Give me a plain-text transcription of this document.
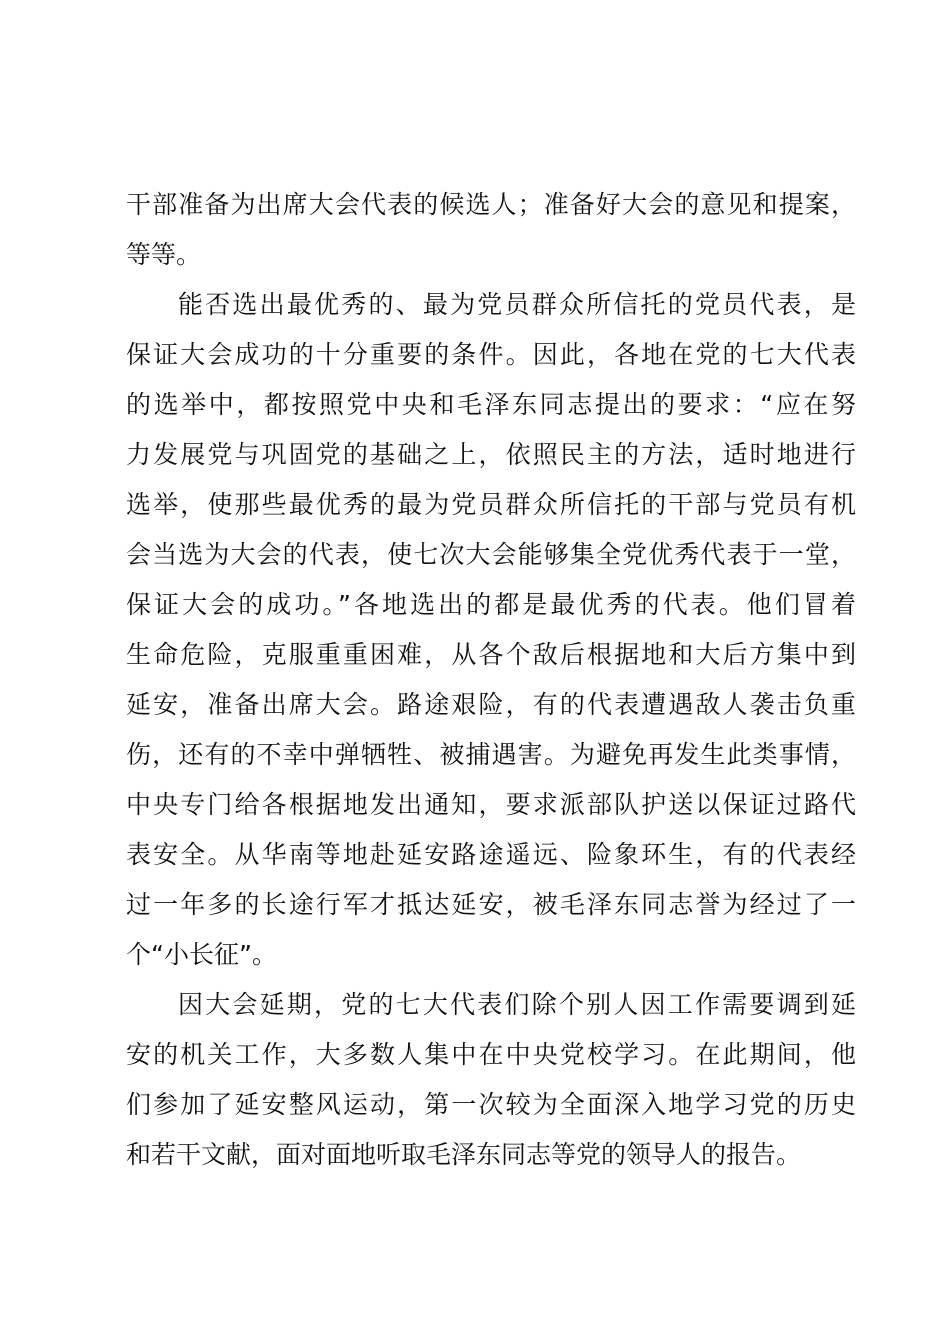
干部准备为出席大会代表的候选人；准备好大会的意见和提案，
等等。
能否选出最优秀的、最为党员群众所信托的党员代表，是
保证大会成功的十分重要的条件。因此，各地在党的七大代表
的选举中，都按照党中央和毛泽东同志提出的要求：“应在努
力发展党与巩固党的基础之上，依照民主的方法，适时地进行
选举，使那些最优秀的最为党员群众所信托的干部与党员有机
会当选为大会的代表，使七次大会能够集全党优秀代表于一堂，
保证大会的成功。”各地选出的都是最优秀的代表。他们冒着
生命危险，克服重重困难，从各个敌后根据地和大后方集中到
延安，准备出席大会。路途艰险，有的代表遭遇敌人袭击负重
伤，还有的不幸中弹牺牲、被捕遇害。为避免再发生此类事情，
中央专门给各根据地发出通知，要求派部队护送以保证过路代
表安全。从华南等地赴延安路途遥远、险象环生，有的代表经
过一年多的长途行军才抵达延安，被毛泽东同志誉为经过了一
个“小长征”。
因大会延期，党的七大代表们除个别人因工作需要调到延
安的机关工作，大多数人集中在中央党校学习。在此期间，他
们参加了延安整风运动，第一次较为全面深入地学习党的历史
和若干文献，面对面地听取毛泽东同志等党的领导人的报告。
